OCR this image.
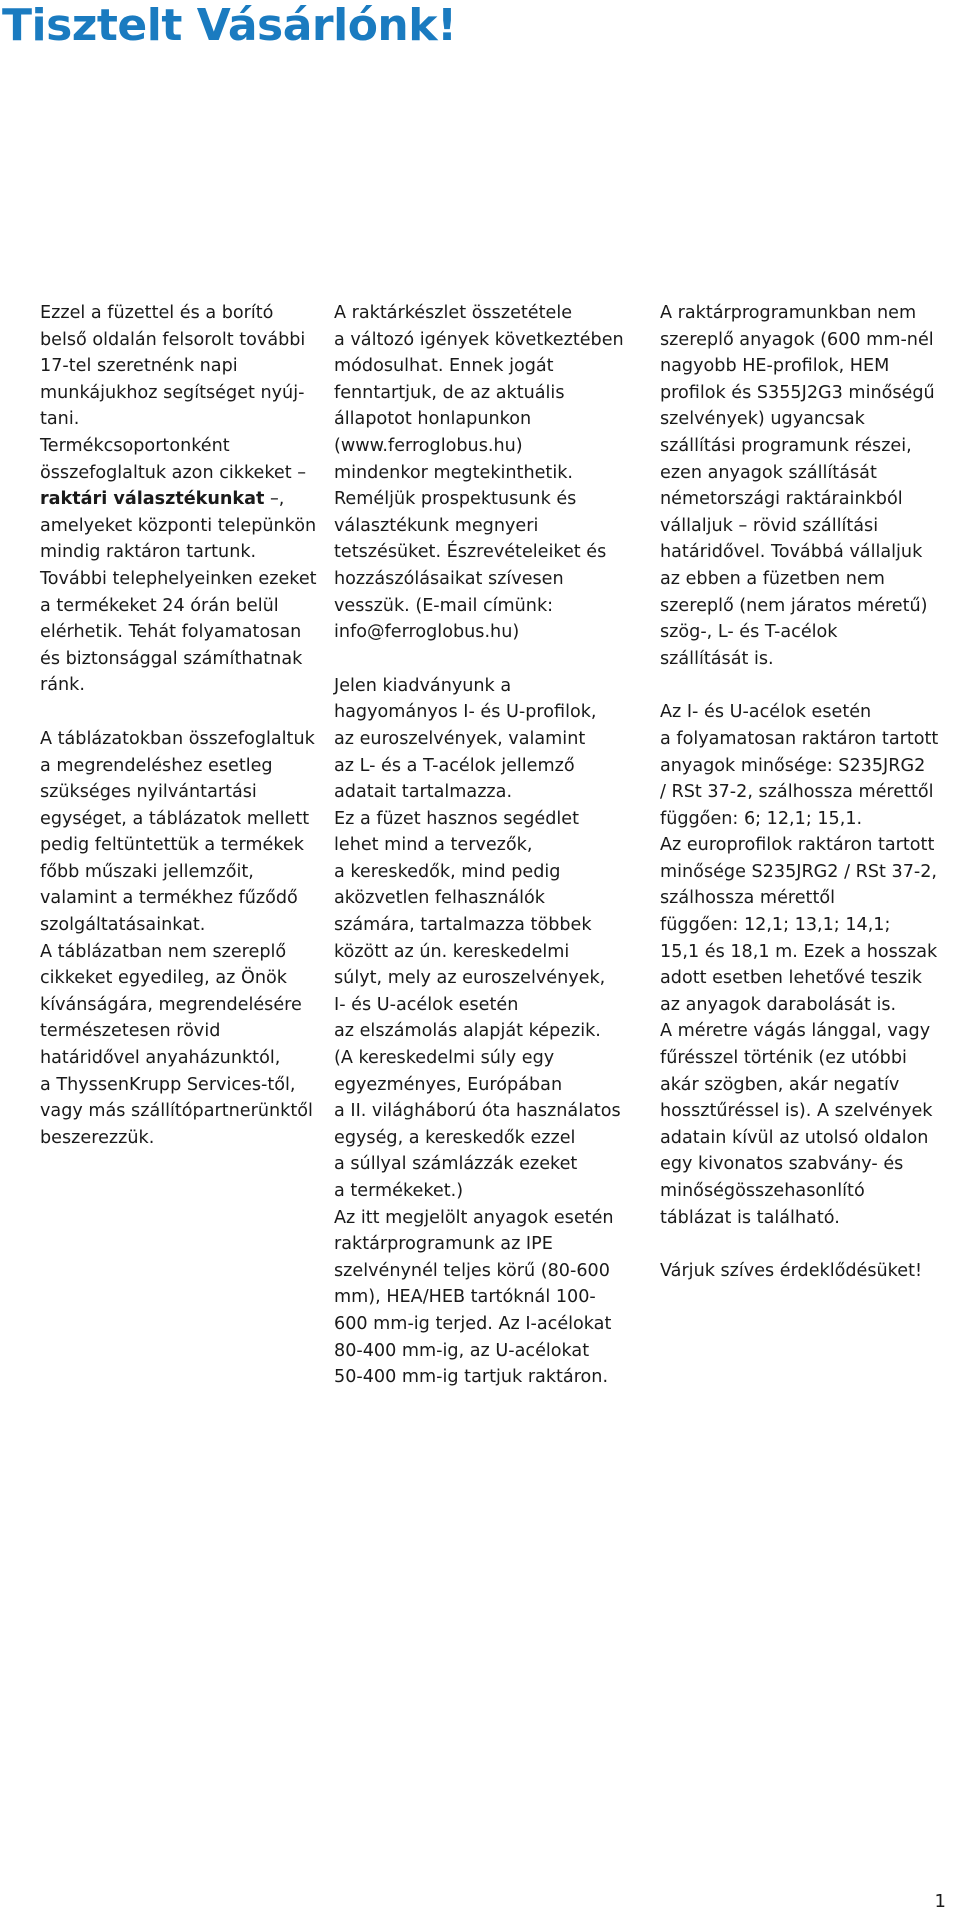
Tisztelt Vásárlónk!

Ezzel a füzettel és a borító
belső oldalán felsorolt további
17-tel szeretnénk napi
munkájukhoz segítséget nyúj-
tani.
Termékcsoportonként
összefoglaltuk azon cikkeket –
raktári választékunkat –,
amelyeket központi telepünkön
mindig raktáron tartunk.
További telephelyeinken ezeket
a termékeket 24 órán belül
elérhetik. Tehát folyamatosan
és biztonsággal számíthatnak
ránk.

A táblázatokban összefoglaltuk
a megrendeléshez esetleg
szükséges nyilvántartási
egységet, a táblázatok mellett
pedig feltüntettük a termékek
főbb műszaki jellemzőit,
valamint a termékhez fűződő
szolgáltatásainkat.
A táblázatban nem szereplő
cikkeket egyedileg, az Önök
kívánságára, megrendelésére
természetesen rövid
határidővel anyaházunktól,
a ThyssenKrupp Services-től,
vagy más szállítópartnerünktől
beszerezzük.

A raktárkészlet összetétele
a változó igények következtében
módosulhat. Ennek jogát
fenntartjuk, de az aktuális
állapotot honlapunkon
(www.ferroglobus.hu)
mindenkor megtekinthetik.
Reméljük prospektusunk és
választékunk megnyeri
tetszésüket. Észrevételeiket és
hozzászólásaikat szívesen
vesszük. (E-mail címünk:
info@ferroglobus.hu)

Jelen kiadványunk a
hagyományos I- és U-profilok,
az euroszelvények, valamint
az L- és a T-acélok jellemző
adatait tartalmazza.
Ez a füzet hasznos segédlet
lehet mind a tervezők,
a kereskedők, mind pedig
aközvetlen felhasználók
számára, tartalmazza többek
között az ún. kereskedelmi
súlyt, mely az euroszelvények,
I- és U-acélok esetén
az elszámolás alapját képezik.
(A kereskedelmi súly egy
egyezményes, Európában
a II. világháború óta használatos
egység, a kereskedők ezzel
a súllyal számlázzák ezeket
a termékeket.)
Az itt megjelölt anyagok esetén
raktárprogramunk az IPE
szelvénynél teljes körű (80-600
mm), HEA/HEB tartóknál 100-
600 mm-ig terjed. Az I-acélokat
80-400 mm-ig, az U-acélokat
50-400 mm-ig tartjuk raktáron.

A raktárprogramunkban nem
szereplő anyagok (600 mm-nél
nagyobb HE-profilok, HEM
profilok és S355J2G3 minőségű
szelvények) ugyancsak
szállítási programunk részei,
ezen anyagok szállítását
németországi raktárainkból
vállaljuk – rövid szállítási
határidővel. Továbbá vállaljuk
az ebben a füzetben nem
szereplő (nem járatos méretű)
szög-, L- és T-acélok
szállítását is.

Az I- és U-acélok esetén
a folyamatosan raktáron tartott
anyagok minősége: S235JRG2
/ RSt 37-2, szálhossza mérettől
függően: 6; 12,1; 15,1.
Az europrofilok raktáron tartott
minősége S235JRG2 / RSt 37-2,
szálhossza mérettől
függően: 12,1; 13,1; 14,1;
15,1 és 18,1 m. Ezek a hosszak
adott esetben lehetővé teszik
az anyagok darabolását is.
A méretre vágás lánggal, vagy
fűrésszel történik (ez utóbbi
akár szögben, akár negatív
hossztűréssel is). A szelvények
adatain kívül az utolsó oldalon
egy kivonatos szabvány- és
minőségösszehasonlító
táblázat is található.

Várjuk szíves érdeklődésüket!

1
